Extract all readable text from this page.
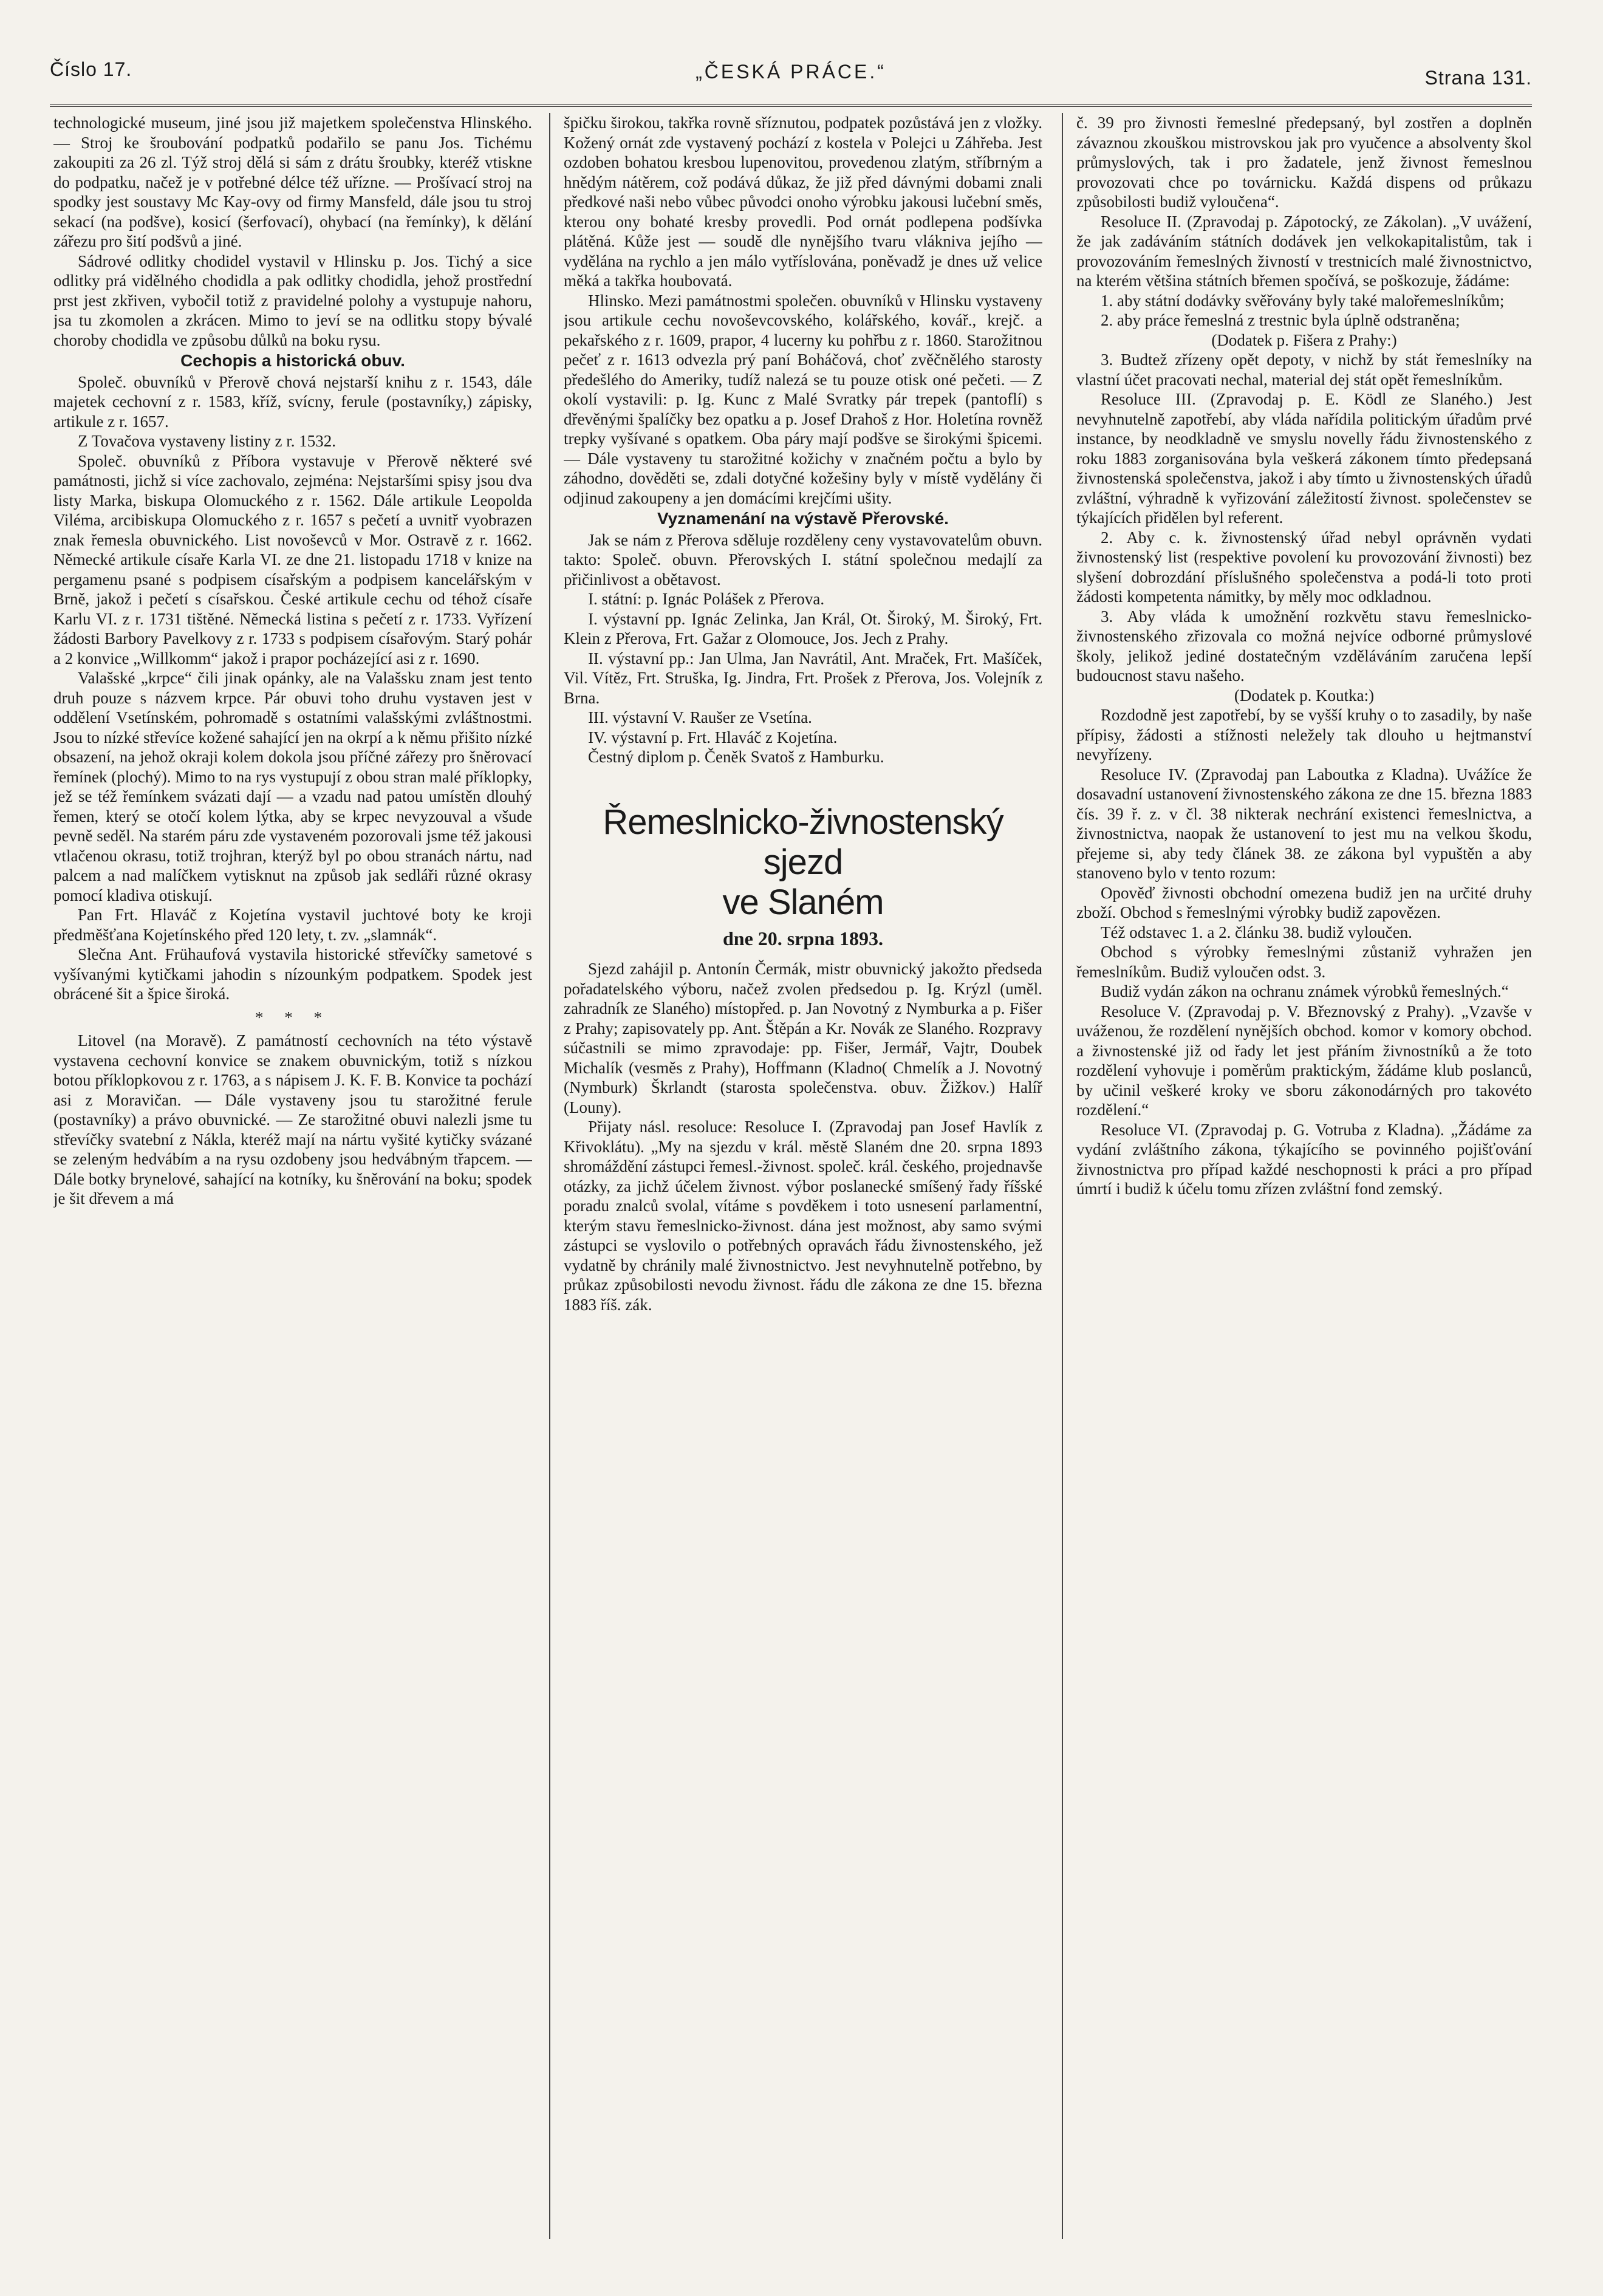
Číslo 17.	„ČESKÁ PRÁCE.“	Strana 131.

technologické museum, jiné jsou již majetkem společenstva Hlinského. — Stroj ke šroubování podpatků podařilo se panu Jos. Tichému zakoupiti za 26 zl. Týž stroj dělá si sám z drátu šroubky, kteréž vtiskne do podpatku, načež je v potřebné délce též uřízne. — Prošívací stroj na spodky jest soustavy Mc Kay-ovy od firmy Mansfeld, dále jsou tu stroj sekací (na podšve), kosicí (šerfovací), ohybací (na řemínky), k dělání zářezu pro šití podšvů a jiné.

Sádrové odlitky chodidel vystavil v Hlinsku p. Jos. Tichý a sice odlitky prá vidělného chodidla a pak odlitky chodidla, jehož prostřední prst jest zkřiven, vybočil totiž z pravidelné polohy a vystupuje nahoru, jsa tu zkomolen a zkrácen. Mimo to jeví se na odlitku stopy bývalé choroby chodidla ve způsobu důlků na boku rysu.

Cechopis a historická obuv.

Společ. obuvníků v Přerově chová nejstarší knihu z r. 1543, dále majetek cechovní z r. 1583, kříž, svícny, ferule (postavníky,) zápisky, artikule z r. 1657.

Z Tovačova vystaveny listiny z r. 1532.

Společ. obuvníků z Příbora vystavuje v Přerově některé své památnosti, jichž si více zachovalo, zejména: Nejstaršími spisy jsou dva listy Marka, biskupa Olomuckého z r. 1562. Dále artikule Leopolda Viléma, arcibiskupa Olomuckého z r. 1657 s pečetí a uvnitř vyobrazen znak řemesla obuvnického. List novoševců v Mor. Ostravě z r. 1662. Německé artikule císaře Karla VI. ze dne 21. listopadu 1718 v knize na pergamenu psané s podpisem císařským a podpisem kancelářským v Brně, jakož i pečetí s císařskou. České artikule cechu od téhož císaře Karlu VI. z r. 1731 tištěné. Německá listina s pečetí z r. 1733. Vyřízení žádosti Barbory Pavelkovy z r. 1733 s podpisem císařovým. Starý pohár a 2 konvice „Willkomm“ jakož i prapor pocházející asi z r. 1690.

Valašské „krpce“ čili jinak opánky, ale na Valašsku znam jest tento druh pouze s názvem krpce. Pár obuvi toho druhu vystaven jest v oddělení Vsetínském, pohromadě s ostatními valašskými zvláštnostmi. Jsou to nízké střevíce kožené sahající jen na okrpí a k němu přišito nízké obsazení, na jehož okraji kolem dokola jsou příčné zářezy pro šněrovací řemínek (plochý). Mimo to na rys vystupují z obou stran malé příklopky, jež se též řemínkem svázati dají — a vzadu nad patou umístěn dlouhý řemen, který se otočí kolem lýtka, aby se krpec nevyzouval a všude pevně seděl. Na starém páru zde vystaveném pozorovali jsme též jakousi vtlačenou okrasu, totiž trojhran, kterýž byl po obou stranách nártu, nad palcem a nad malíčkem vytisknut na způsob jak sedláři různé okrasy pomocí kladiva otiskují.

Pan Frt. Hlaváč z Kojetína vystavil juchtové boty ke kroji předměšťana Kojetínského před 120 lety, t. zv. „slamnák“.

Slečna Ant. Frühaufová vystavila historické střevíčky sametové s vyšívanými kytičkami jahodin s nízounkým podpatkem. Spodek jest obrácené šit a špice široká.

* * *

Litovel (na Moravě). Z památností cechovních na této výstavě vystavena cechovní konvice se znakem obuvnickým, totiž s nízkou botou příklopkovou z r. 1763, a s nápisem J. K. F. B. Konvice ta pochází asi z Moravičan. — Dále vystaveny jsou tu starožitné ferule (postavníky) a právo obuvnické. — Ze starožitné obuvi nalezli jsme tu střevíčky svatební z Nákla, kteréž mají na nártu vyšité kytičky svázané se zeleným hedvábím a na rysu ozdobeny jsou hedvábným třapcem. — Dále botky brynelové, sahající na kotníky, ku šněrování na boku; spodek je šit dřevem a má

špičku širokou, takřka rovně sříznutou, podpatek pozůstává jen z vložky. Kožený ornát zde vystavený pochází z kostela v Polejci u Záhřeba. Jest ozdoben bohatou kresbou lupenovitou, provedenou zlatým, stříbrným a hnědým nátěrem, což podává důkaz, že již před dávnými dobami znali předkové naši nebo vůbec původci onoho výrobku jakousi lučební směs, kterou ony bohaté kresby provedli. Pod ornát podlepena podšívka plátěná. Kůže jest — soudě dle nynějšího tvaru vlákniva jejího — vydělána na rychlo a jen málo vytříslována, poněvadž je dnes už velice měká a takřka houbovatá.

Hlinsko. Mezi památnostmi společen. obuvníků v Hlinsku vystaveny jsou artikule cechu novoševcovského, kolářského, kovář., krejč. a pekařského z r. 1609, prapor, 4 lucerny ku pohřbu z r. 1860. Starožitnou pečeť z r. 1613 odvezla prý paní Boháčová, choť zvěčnělého starosty předešlého do Ameriky, tudíž nalezá se tu pouze otisk oné pečeti. — Z okolí vystavili: p. Ig. Kunc z Malé Svratky pár trepek (pantoflí) s dřevěnými špalíčky bez opatku a p. Josef Drahoš z Hor. Holetína rovněž trepky vyšívané s opatkem. Oba páry mají podšve se širokými špicemi. — Dále vystaveny tu starožitné kožichy v značném počtu a bylo by záhodno, dověděti se, zdali dotyčné kožešiny byly v místě vydělány či odjinud zakoupeny a jen domácími krejčími ušity.

Vyznamenání na výstavě Přerovské.

Jak se nám z Přerova sděluje rozděleny ceny vystavovatelům obuvn. takto: Společ. obuvn. Přerovských I. státní společnou medajlí za přičinlivost a obětavost.

I. státní: p. Ignác Polášek z Přerova.

I. výstavní pp. Ignác Zelinka, Jan Král, Ot. Široký, M. Široký, Frt. Klein z Přerova, Frt. Gažar z Olomouce, Jos. Jech z Prahy.

II. výstavní pp.: Jan Ulma, Jan Navrátil, Ant. Mraček, Frt. Mašíček, Vil. Vítěz, Frt. Struška, Ig. Jindra, Frt. Prošek z Přerova, Jos. Volejník z Brna.

III. výstavní V. Raušer ze Vsetína.

IV. výstavní p. Frt. Hlaváč z Kojetína.

Čestný diplom p. Čeněk Svatoš z Hamburku.

Řemeslnicko-živnostenský sjezd
ve Slaném
dne 20. srpna 1893.

Sjezd zahájil p. Antonín Čermák, mistr obuvnický jakožto předseda pořadatelského výboru, načež zvolen předsedou p. Ig. Krýzl (uměl. zahradník ze Slaného) místopřed. p. Jan Novotný z Nymburka a p. Fišer z Prahy; zapisovately pp. Ant. Štěpán a Kr. Novák ze Slaného. Rozpravy súčastnili se mimo zpravodaje: pp. Fišer, Jermář, Vajtr, Doubek Michalík (vesměs z Prahy), Hoffmann (Kladno( Chmelík a J. Novotný (Nymburk) Škrlandt (starosta společenstva. obuv. Žižkov.) Halíř (Louny).

Přijaty násl. resoluce: Resoluce I. (Zpravodaj pan Josef Havlík z Křivoklátu). „My na sjezdu v král. městě Slaném dne 20. srpna 1893 shromáždění zástupci řemesl.-živnost. společ. král. českého, projednavše otázky, za jichž účelem živnost. výbor poslanecké smíšený řady říšské poradu znalců svolal, vítáme s povděkem i toto usnesení parlamentní, kterým stavu řemeslnicko-živnost. dána jest možnost, aby samo svými zástupci se vyslovilo o potřebných opravách řádu živnostenského, jež vydatně by chránily malé živnostnictvo. Jest nevyhnutelně potřebno, by průkaz způsobilosti nevodu živnost. řádu dle zákona ze dne 15. března 1883 říš. zák.

č. 39 pro živnosti řemeslné předepsaný, byl zostřen a doplněn závaznou zkouškou mistrovskou jak pro vyučence a absolventy škol průmyslových, tak i pro žadatele, jenž živnost řemeslnou provozovati chce po továrnicku. Každá dispens od průkazu způsobilosti budiž vyloučena“.

Resoluce II. (Zpravodaj p. Zápotocký, ze Zákolan). „V uvážení, že jak zadáváním státních dodávek jen velkokapitalistům, tak i provozováním řemeslných živností v trestnicích malé živnostnictvo, na kterém většina státních břemen spočívá, se poškozuje, žádáme:

1. aby státní dodávky svěřovány byly také malořemeslníkům;

2. aby práce řemeslná z trestnic byla úplně odstraněna;

(Dodatek p. Fišera z Prahy:)

3. Budtež zřízeny opět depoty, v nichž by stát řemeslníky na vlastní účet pracovati nechal, material dej stát opět řemeslníkům.

Resoluce III. (Zpravodaj p. E. Ködl ze Slaného.) Jest nevyhnutelně zapotřebí, aby vláda nařídila politickým úřadům prvé instance, by neodkladně ve smyslu novelly řádu živnostenského z roku 1883 zorganisována byla veškerá zákonem tímto předepsaná živnostenská společenstva, jakož i aby tímto u živnostenských úřadů zvláštní, výhradně k vyřizování záležitostí živnost. společenstev se týkajících přidělen byl referent.

2. Aby c. k. živnostenský úřad nebyl oprávněn vydati živnostenský list (respektive povolení ku provozování živnosti) bez slyšení dobrozdání příslušného společenstva a podá-li toto proti žádosti kompetenta námitky, by měly moc odkladnou.

3. Aby vláda k umožnění rozkvětu stavu řemeslnicko-živnostenského zřizovala co možná nejvíce odborné průmyslové školy, jelikož jediné dostatečným vzděláváním zaručena lepší budoucnost stavu našeho.

(Dodatek p. Koutka:)

Rozdodně jest zapotřebí, by se vyšší kruhy o to zasadily, by naše přípisy, žádosti a stížnosti neležely tak dlouho u hejtmanství nevyřízeny.

Resoluce IV. (Zpravodaj pan Laboutka z Kladna). Uvážíce že dosavadní ustanovení živnostenského zákona ze dne 15. března 1883 čís. 39 ř. z. v čl. 38 nikterak nechrání existenci řemeslnictva, a živnostnictva, naopak že ustanovení to jest mu na velkou škodu, přejeme si, aby tedy článek 38. ze zákona byl vypuštěn a aby stanoveno bylo v tento rozum:

Opověď živnosti obchodní omezena budiž jen na určité druhy zboží. Obchod s řemeslnými výrobky budiž zapovězen.

Též odstavec 1. a 2. článku 38. budiž vyloučen.

Obchod s výrobky řemeslnými zůstaniž vyhražen jen řemeslníkům. Budiž vyloučen odst. 3.

Budiž vydán zákon na ochranu známek výrobků řemeslných.“

Resoluce V. (Zpravodaj p. V. Březnovský z Prahy). „Vzavše v uváženou, že rozdělení nynějších obchod. komor v komory obchod. a živnostenské již od řady let jest přáním živnostníků a že toto rozdělení vyhovuje i poměrům praktickým, žádáme klub poslanců, by učinil veškeré kroky ve sboru zákonodárných pro takovéto rozdělení.“

Resoluce VI. (Zpravodaj p. G. Votruba z Kladna). „Žádáme za vydání zvláštního zákona, týkajícího se povinného pojišťování živnostnictva pro případ každé neschopnosti k práci a pro případ úmrtí i budiž k účelu tomu zřízen zvláštní fond zemský.
